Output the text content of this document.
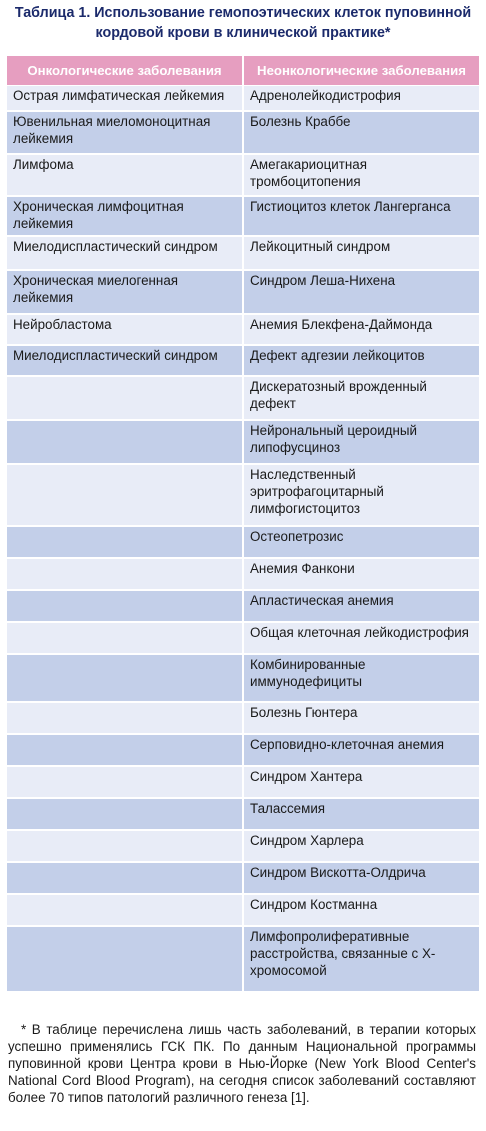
Таблица 1. Использование гемопоэтических клеток пуповинной кордовой крови в клинической практике*
Онкологические заболевания	Неонкологические заболевания
Острая лимфатическая лейкемия	Адренолейкодистрофия
Ювенильная миеломоноцитная лейкемия	Болезнь Краббе
Лимфома	Амегакариоцитная тромбоцитопения
Хроническая лимфоцитная лейкемия	Гистиоцитоз клеток Лангерганса
Миелодиспластический синдром	Лейкоцитный синдром
Хроническая миелогенная лейкемия	Синдром Леша-Нихена
Нейробластома	Анемия Блекфена-Даймонда
Миелодиспластический синдром	Дефект адгезии лейкоцитов
	Дискератозный врожденный дефект
	Нейрональный цероидный липофусциноз
	Наследственный эритрофагоцитарный лимфогистоцитоз
	Остеопетрозис
	Анемия Фанкони
	Апластическая анемия
	Общая клеточная лейкодистрофия
	Комбинированные иммунодефициты
	Болезнь Гюнтера
	Серповидно-клеточная анемия
	Синдром Хантера
	Талассемия
	Синдром Харлера
	Синдром Вискотта-Олдрича
	Синдром Костманна
	Лимфопролиферативные расстройства, связанные с Х-хромосомой

* В таблице перечислена лишь часть заболеваний, в терапии которых успешно применялись ГСК ПК. По данным Национальной программы пуповинной крови Центра крови в Нью-Йорке (New York Blood Center's National Cord Blood Program), на сегодня список заболеваний составляют более 70 типов патологий различного генеза [1].
